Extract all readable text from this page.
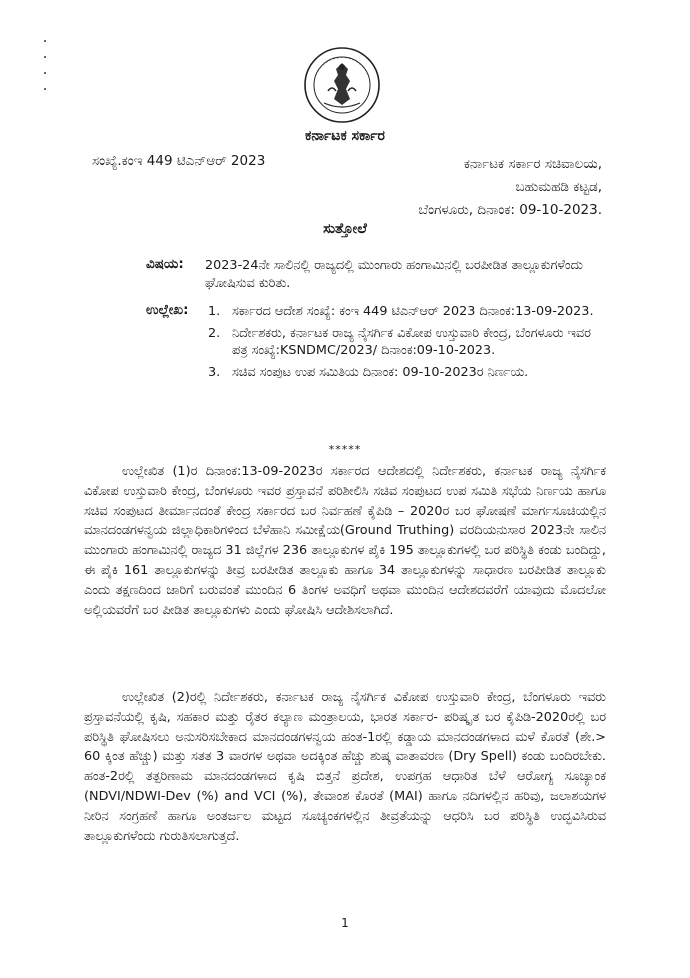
ಕರ್ನಾಟಕ ಸರ್ಕಾರ
ಸಂಖ್ಯೆ.ಕಂಇ 449 ಟಿಎನ್‌ಆರ್ 2023	ಕರ್ನಾಟಕ ಸರ್ಕಾರ ಸಚಿವಾಲಯ,
ಬಹುಮಹಡಿ ಕಟ್ಟಡ,
ಬೆಂಗಳೂರು, ದಿನಾಂಕ: 09-10-2023.
ಸುತ್ತೋಲೆ
ವಿಷಯ: 2023-24ನೇ ಸಾಲಿನಲ್ಲಿ ರಾಜ್ಯದಲ್ಲಿ ಮುಂಗಾರು ಹಂಗಾಮಿನಲ್ಲಿ ಬರಪೀಡಿತ ತಾಲ್ಲೂಕುಗಳೆಂದು ಘೋಷಿಸುವ ಕುರಿತು.
ಉಲ್ಲೇಖ: 1. ಸರ್ಕಾರದ ಆದೇಶ ಸಂಖ್ಯೆ: ಕಂಇ 449 ಟಿಎನ್‌ಆರ್ 2023 ದಿನಾಂಕ:13-09-2023.
2. ನಿರ್ದೇಶಕರು, ಕರ್ನಾಟಕ ರಾಜ್ಯ ನೈಸರ್ಗಿಕ ವಿಕೋಪ ಉಸ್ತುವಾರಿ ಕೇಂದ್ರ, ಬೆಂಗಳೂರು ಇವರ ಪತ್ರ ಸಂಖ್ಯೆ:KSNDMC/2023/ ದಿನಾಂಕ:09-10-2023.
3. ಸಚಿವ ಸಂಪುಟ ಉಪ ಸಮಿತಿಯ ದಿನಾಂಕ: 09-10-2023ರ ನಿರ್ಣಯ.
*****

ಉಲ್ಲೇಖಿತ (1)ರ ದಿನಾಂಕ:13-09-2023ರ ಸರ್ಕಾರದ ಆದೇಶದಲ್ಲಿ ನಿರ್ದೇಶಕರು, ಕರ್ನಾಟಕ ರಾಜ್ಯ ನೈಸರ್ಗಿಕ ವಿಕೋಪ ಉಸ್ತುವಾರಿ ಕೇಂದ್ರ, ಬೆಂಗಳೂರು ಇವರ ಪ್ರಸ್ತಾವನೆ ಪರಿಶೀಲಿಸಿ ಸಚಿವ ಸಂಪುಟದ ಉಪ ಸಮಿತಿ ಸಭೆಯ ನಿರ್ಣಯ ಹಾಗೂ ಸಚಿವ ಸಂಪುಟದ ತೀರ್ಮಾನದಂತೆ ಕೇಂದ್ರ ಸರ್ಕಾರದ ಬರ ನಿರ್ವಹಣೆ ಕೈಪಿಡಿ – 2020ರ ಬರ ಘೋಷಣೆ ಮಾರ್ಗಸೂಚಿಯಲ್ಲಿನ ಮಾನದಂಡಗಳನ್ವಯ ಜಿಲ್ಲಾಧಿಕಾರಿಗಳಿಂದ ಬೆಳೆಹಾನಿ ಸಮೀಕ್ಷೆಯ(Ground Truthing) ವರದಿಯನುಸಾರ 2023ನೇ ಸಾಲಿನ ಮುಂಗಾರು ಹಂಗಾಮಿನಲ್ಲಿ ರಾಜ್ಯದ 31 ಜಿಲ್ಲೆಗಳ 236 ತಾಲ್ಲೂಕುಗಳ ಪೈಕಿ 195 ತಾಲ್ಲೂಕುಗಳಲ್ಲಿ ಬರ ಪರಿಸ್ಥಿತಿ ಕಂಡು ಬಂದಿದ್ದು, ಈ ಪೈಕಿ 161 ತಾಲ್ಲೂಕುಗಳನ್ನು ತೀವ್ರ ಬರಪೀಡಿತ ತಾಲ್ಲೂಕು ಹಾಗೂ 34 ತಾಲ್ಲೂಕುಗಳನ್ನು ಸಾಧಾರಣ ಬರಪೀಡಿತ ತಾಲ್ಲೂಕು ಎಂದು ತಕ್ಷಣದಿಂದ ಜಾರಿಗೆ ಬರುವಂತೆ ಮುಂದಿನ 6 ತಿಂಗಳ ಅವಧಿಗೆ ಅಥವಾ ಮುಂದಿನ ಆದೇಶದವರೆಗೆ ಯಾವುದು ಮೊದಲೋ ಅಲ್ಲಿಯವರೆಗೆ ಬರ ಪೀಡಿತ ತಾಲ್ಲೂಕುಗಳು ಎಂದು ಘೋಷಿಸಿ ಆದೇಶಿಸಲಾಗಿದೆ.

ಉಲ್ಲೇಖಿತ (2)ರಲ್ಲಿ ನಿರ್ದೇಶಕರು, ಕರ್ನಾಟಕ ರಾಜ್ಯ ನೈಸರ್ಗಿಕ ವಿಕೋಪ ಉಸ್ತುವಾರಿ ಕೇಂದ್ರ, ಬೆಂಗಳೂರು ಇವರು ಪ್ರಸ್ತಾವನೆಯಲ್ಲಿ ಕೃಷಿ, ಸಹಕಾರ ಮತ್ತು ರೈತರ ಕಲ್ಯಾಣ ಮಂತ್ರಾಲಯ, ಭಾರತ ಸರ್ಕಾರ- ಪರಿಷ್ಕೃತ ಬರ ಕೈಪಿಡಿ-2020ರಲ್ಲಿ ಬರ ಪರಿಸ್ಥಿತಿ ಘೋಷಿಸಲು ಅನುಸರಿಸಬೇಕಾದ ಮಾನದಂಡಗಳನ್ವಯ ಹಂತ-1ರಲ್ಲಿ ಕಡ್ಡಾಯ ಮಾನದಂಡಗಳಾದ ಮಳೆ ಕೊರತೆ (ಶೇ.> 60 ಕ್ಕಿಂತ ಹೆಚ್ಚು) ಮತ್ತು ಸತತ 3 ವಾರಗಳ ಅಥವಾ ಅದಕ್ಕಿಂತ ಹೆಚ್ಚು ಶುಷ್ಕ ವಾತಾವರಣ (Dry Spell) ಕಂಡು ಬಂದಿರಬೇಕು. ಹಂತ-2ರಲ್ಲಿ ತತ್ಪರಿಣಾಮ ಮಾನದಂಡಗಳಾದ ಕೃಷಿ ಬಿತ್ತನೆ ಪ್ರದೇಶ, ಉಪಗ್ರಹ ಆಧಾರಿತ ಬೆಳೆ ಆರೋಗ್ಯ ಸೂಚ್ಯಾಂಕ (NDVI/NDWI-Dev (%) and VCI (%), ತೇವಾಂಶ ಕೊರತೆ (MAI) ಹಾಗೂ ನದಿಗಳಲ್ಲಿನ ಹರಿವು, ಜಲಾಶಯಗಳ ನೀರಿನ ಸಂಗ್ರಹಣೆ ಹಾಗೂ ಅಂತರ್ಜಲ ಮಟ್ಟದ ಸೂಚ್ಯಂಕಗಳಲ್ಲಿನ ತೀವ್ರತೆಯನ್ನು ಆಧರಿಸಿ ಬರ ಪರಿಸ್ಥಿತಿ ಉದ್ಭವಿಸಿರುವ ತಾಲ್ಲೂಕುಗಳೆಂದು ಗುರುತಿಸಲಾಗುತ್ತದೆ.

1
